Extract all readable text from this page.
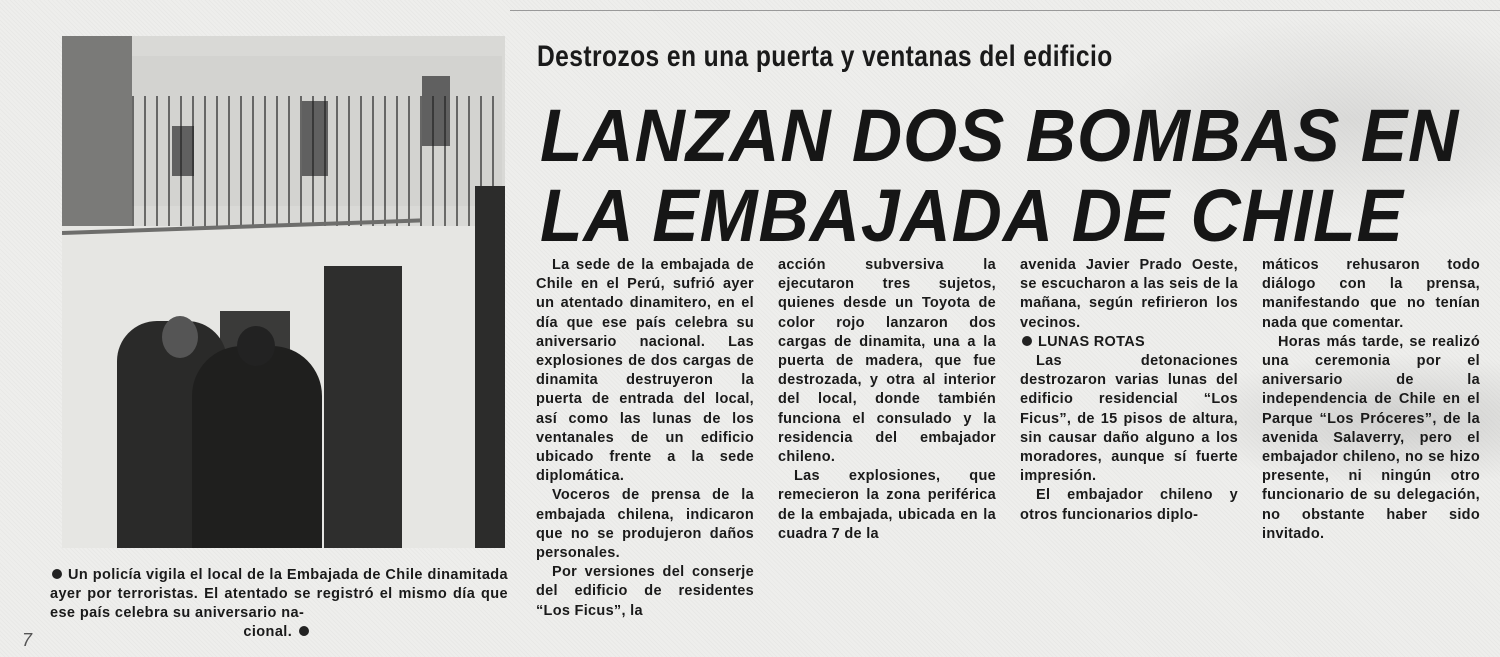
Un policía vigila el local de la Embajada de Chile dinamitada ayer por terroristas. El atentado se registró el mismo día que ese país celebra su aniversario na-
cional.
Destrozos en una puerta y ventanas del edificio
LANZAN DOS BOMBAS EN
LA EMBAJADA DE CHILE

La sede de la embajada de Chile en el Perú, sufrió ayer un atentado dinamitero, en el día que ese país celebra su aniversario nacional. Las explosiones de dos cargas de dinamita destruyeron la puerta de entrada del local, así como las lunas de los ventanales de un edificio ubicado frente a la sede diplomática.

Voceros de prensa de la embajada chilena, indicaron que no se produjeron daños personales.

Por versiones del conserje del edificio de residentes “Los Ficus”, la

acción subversiva la ejecutaron tres sujetos, quienes desde un Toyota de color rojo lanzaron dos cargas de dinamita, una a la puerta de madera, que fue destrozada, y otra al interior del local, donde también funciona el consulado y la residencia del embajador chileno.

Las explosiones, que remecieron la zona periférica de la embajada, ubicada en la cuadra 7 de la

avenida Javier Prado Oeste, se escucharon a las seis de la mañana, según refirieron los vecinos.

LUNAS ROTAS

Las detonaciones destrozaron varias lunas del edificio residencial “Los Ficus”, de 15 pisos de altura, sin causar daño alguno a los moradores, aunque sí fuerte impresión.

El embajador chileno y otros funcionarios diplo-

máticos rehusaron todo diálogo con la prensa, manifestando que no tenían nada que comentar.

Horas más tarde, se realizó una ceremonia por el aniversario de la independencia de Chile en el Parque “Los Próceres”, de la avenida Salaverry, pero el embajador chileno, no se hizo presente, ni ningún otro funcionario de su delegación, no obstante haber sido invitado.

7
